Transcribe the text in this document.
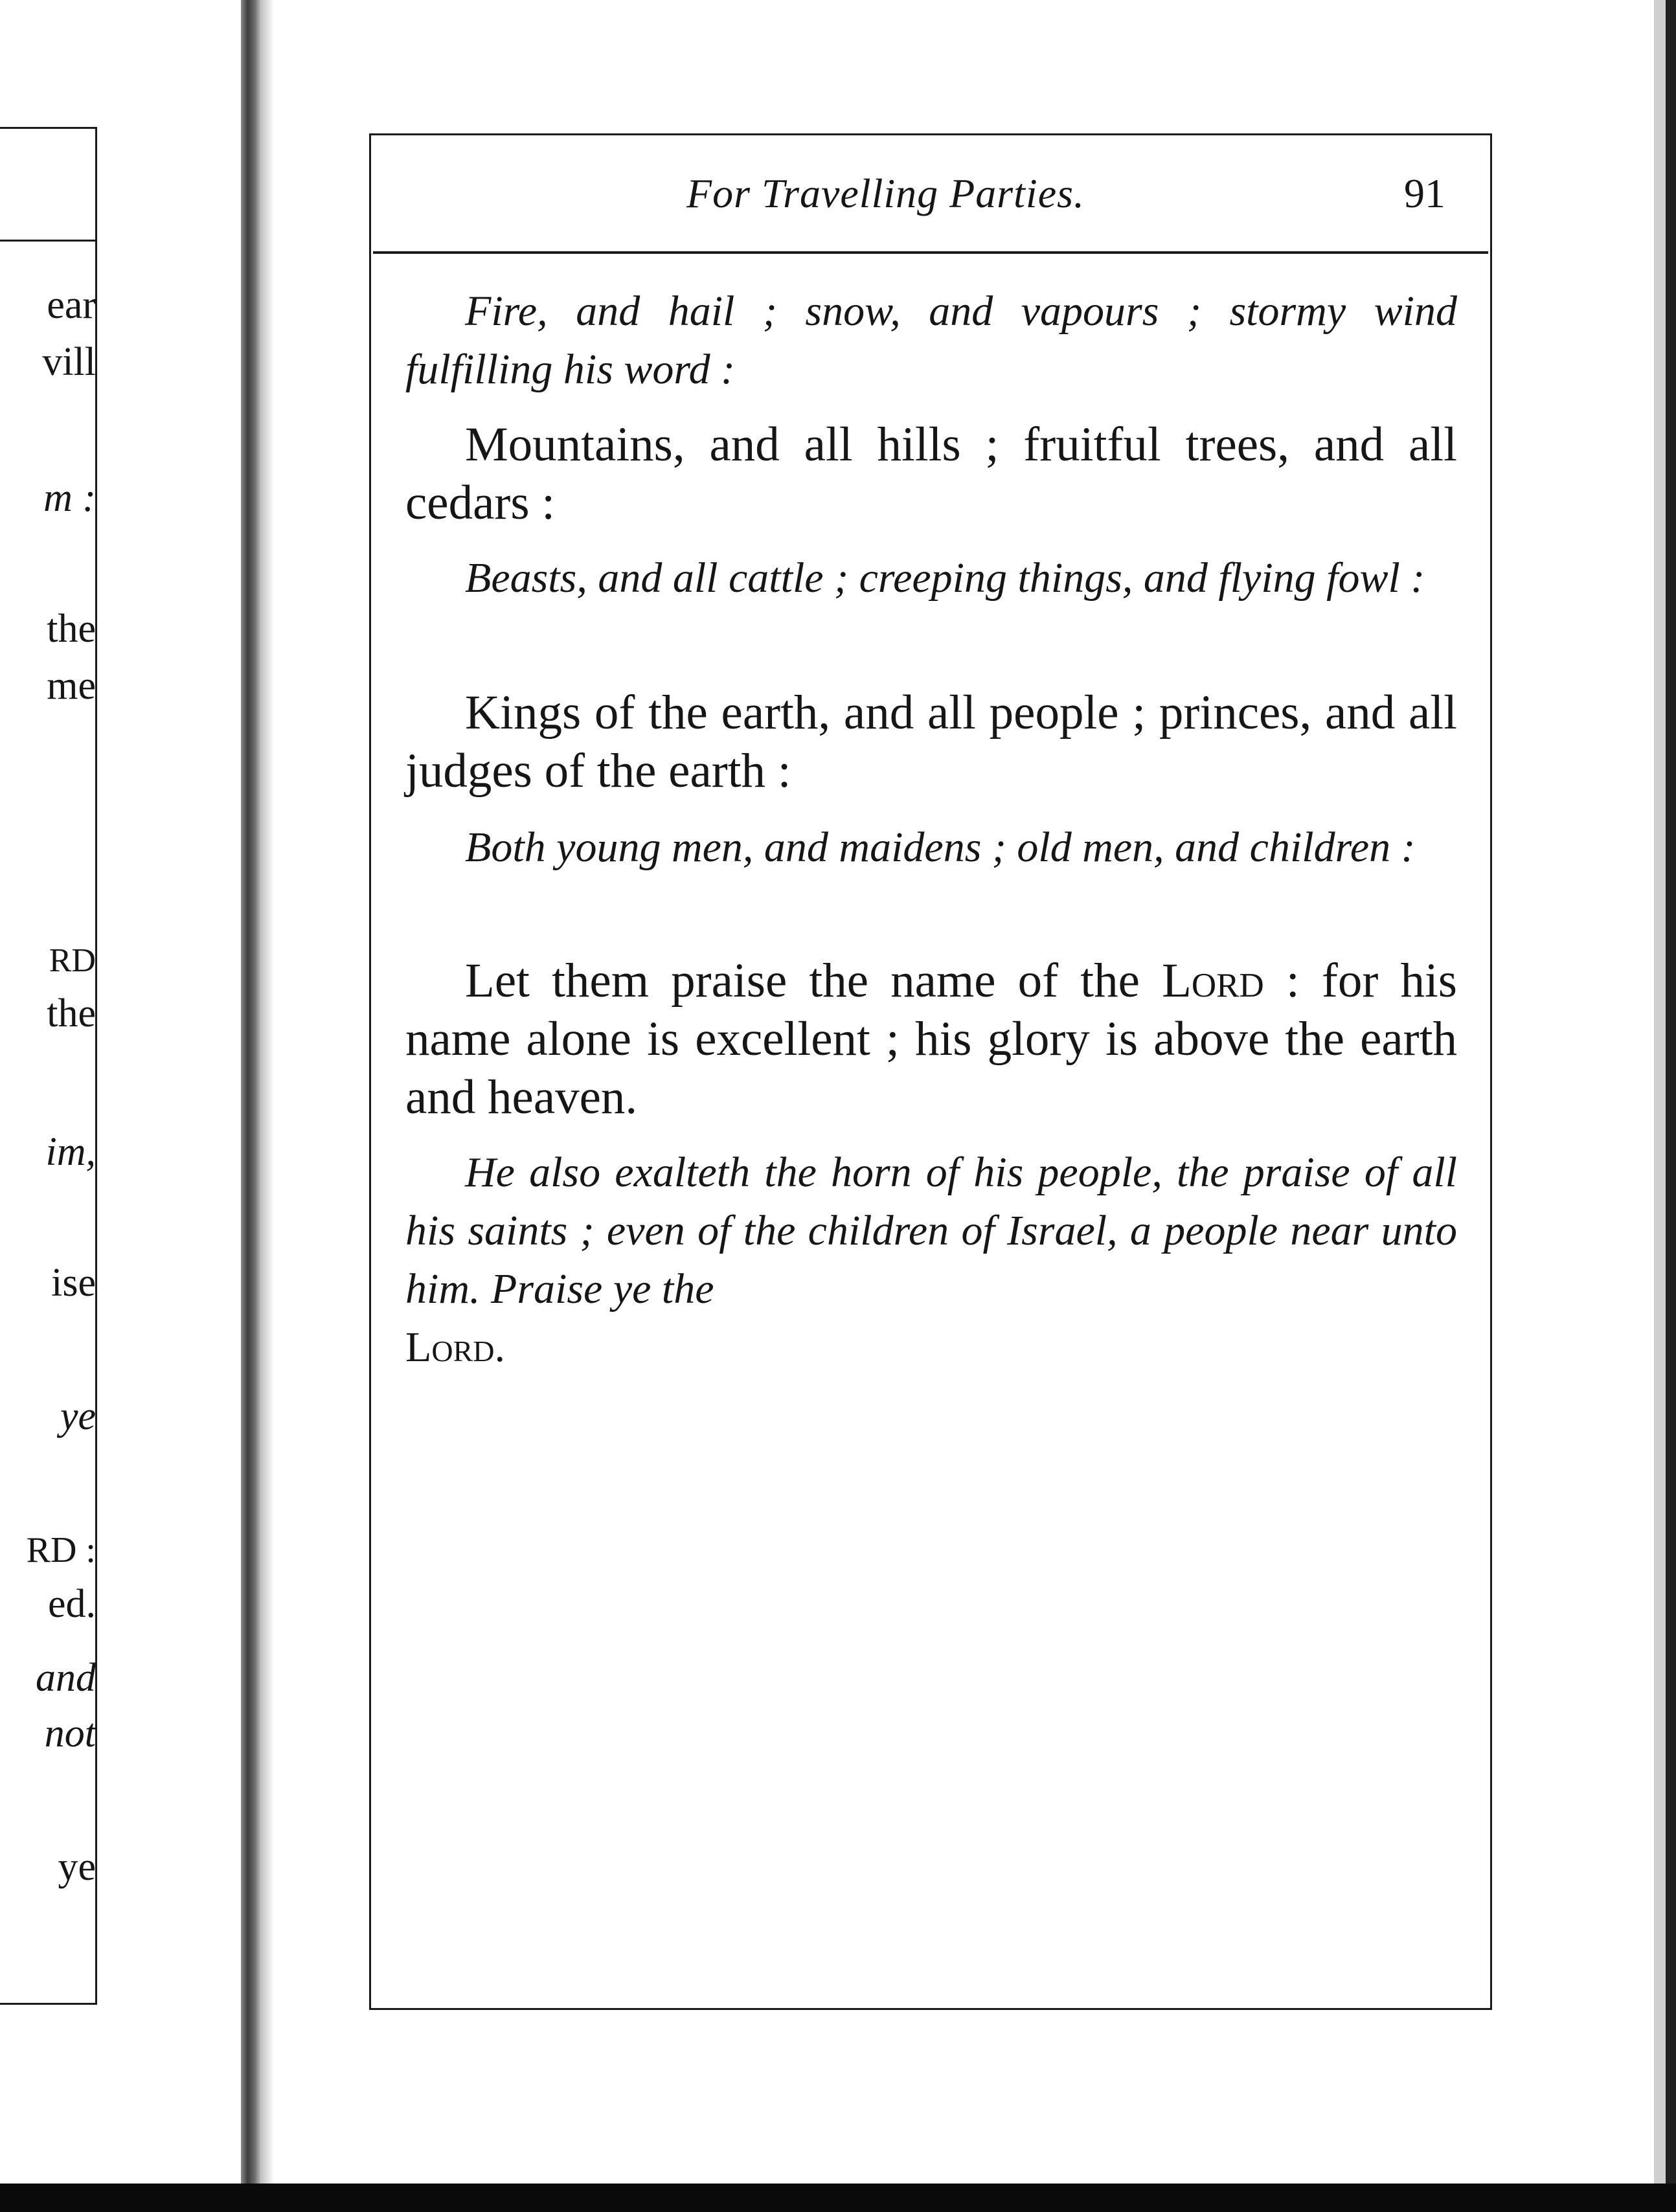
ear
vill
m :
the
me
RD
the
im,
ise
ye
RD :
ed.
and
not
ye
For Travelling Parties.	91

Fire, and hail ; snow, and vapours ; stormy wind fulfilling his word :

Mountains, and all hills ; fruitful trees, and all cedars :

Beasts, and all cattle ; creeping things, and flying fowl :

Kings of the earth, and all people ; princes, and all judges of the earth :

Both young men, and maidens ; old men, and children :

Let them praise the name of the Lord : for his name alone is excellent ; his glory is above the earth and heaven.

He also exalteth the horn of his people, the praise of all his saints ; even of the children of Israel, a people near unto him. Praise ye the
Lord.
